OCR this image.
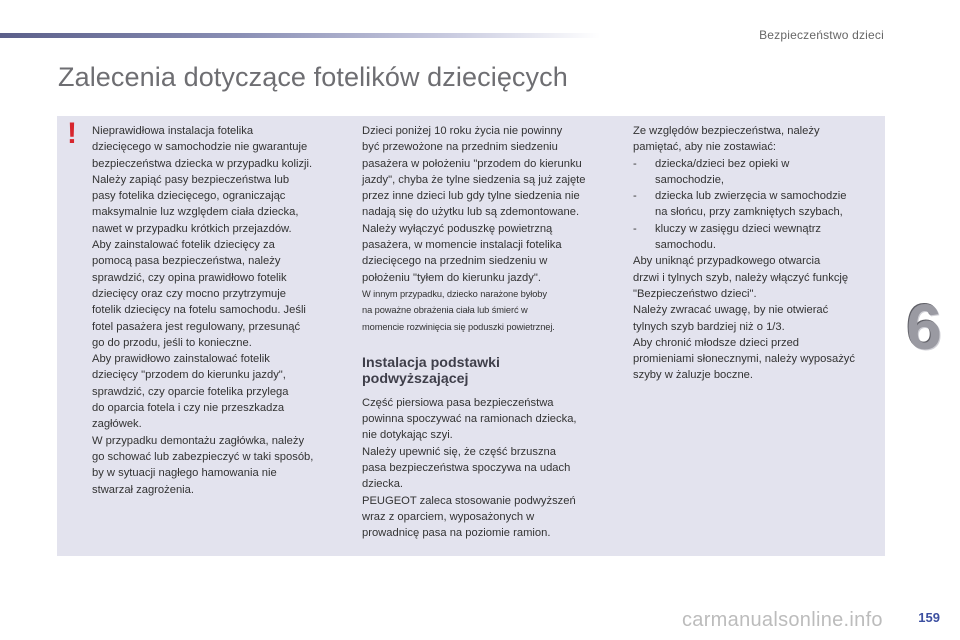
Bezpieczeństwo dzieci
Zalecenia dotyczące fotelików dziecięcych
! Nieprawidłowa instalacja fotelika
dziecięcego w samochodzie nie gwarantuje
bezpieczeństwa dziecka w przypadku kolizji.
Należy zapiąć pasy bezpieczeństwa lub
pasy fotelika dziecięcego, ograniczając
maksymalnie luz względem ciała dziecka,
nawet w przypadku krótkich przejazdów.
Aby zainstalować fotelik dziecięcy za
pomocą pasa bezpieczeństwa, należy
sprawdzić, czy opina prawidłowo fotelik
dziecięcy oraz czy mocno przytrzymuje
fotelik dziecięcy na fotelu samochodu. Jeśli
fotel pasażera jest regulowany, przesunąć
go do przodu, jeśli to konieczne.
Aby prawidłowo zainstalować fotelik
dziecięcy "przodem do kierunku jazdy",
sprawdzić, czy oparcie fotelika przylega
do oparcia fotela i czy nie przeszkadza
zagłówek.
W przypadku demontażu zagłówka, należy
go schować lub zabezpieczyć w taki sposób,
by w sytuacji nagłego hamowania nie
stwarzał zagrożenia.
Dzieci poniżej 10 roku życia nie powinny
być przewożone na przednim siedzeniu
pasażera w położeniu "przodem do kierunku
jazdy", chyba że tylne siedzenia są już zajęte
przez inne dzieci lub gdy tylne siedzenia nie
nadają się do użytku lub są zdemontowane.
Należy wyłączyć poduszkę powietrzną
pasażera, w momencie instalacji fotelika
dziecięcego na przednim siedzeniu w
położeniu "tyłem do kierunku jazdy".
W innym przypadku, dziecko narażone byłoby
na poważne obrażenia ciała lub śmierć w
momencie rozwinięcia się poduszki powietrznej.
Instalacja podstawki
podwyższającej
Część piersiowa pasa bezpieczeństwa
powinna spoczywać na ramionach dziecka,
nie dotykając szyi.
Należy upewnić się, że część brzuszna
pasa bezpieczeństwa spoczywa na udach
dziecka.
PEUGEOT zaleca stosowanie podwyższeń
wraz z oparciem, wyposażonych w
prowadnicę pasa na poziomie ramion.
Ze względów bezpieczeństwa, należy
pamiętać, aby nie zostawiać:
-	dziecka/dzieci bez opieki w
samochodzie,
-	dziecka lub zwierzęcia w samochodzie
na słońcu, przy zamkniętych szybach,
-	kluczy w zasięgu dzieci wewnątrz
samochodu.
Aby uniknąć przypadkowego otwarcia
drzwi i tylnych szyb, należy włączyć funkcję
"Bezpieczeństwo dzieci".
Należy zwracać uwagę, by nie otwierać
tylnych szyb bardziej niż o 1/3.
Aby chronić młodsze dzieci przed
promieniami słonecznymi, należy wyposażyć
szyby w żaluzje boczne.
6
159
carmanualsonline.info
